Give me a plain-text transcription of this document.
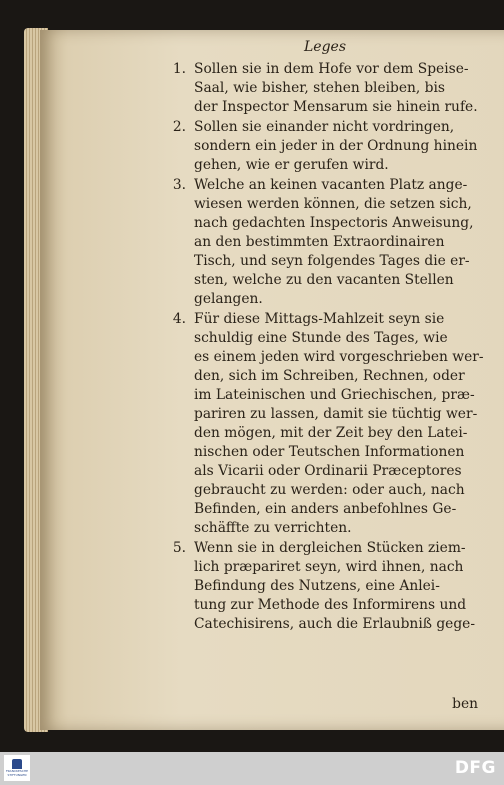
ben
Leges
1. Sollen sie in dem Hofe vor dem Speise-
Saal, wie bisher, stehen bleiben, bis
der Inspector Mensarum sie hinein rufe.
2. Sollen sie einander nicht vordringen,
sondern ein jeder in der Ordnung hinein
gehen, wie er gerufen wird.
3. Welche an keinen vacanten Platz ange-
wiesen werden können, die setzen sich,
nach gedachten Inspectoris Anweisung,
an den bestimmten Extraordinairen
Tisch, und seyn folgendes Tages die er-
sten, welche zu den vacanten Stellen
gelangen.
4. Für diese Mittags-Mahlzeit seyn sie
schuldig eine Stunde des Tages, wie
es einem jeden wird vorgeschrieben wer-
den, sich im Schreiben, Rechnen, oder
im Lateinischen und Griechischen, præ-
pariren zu lassen, damit sie tüchtig wer-
den mögen, mit der Zeit bey den Latei-
nischen oder Teutschen Informationen
als Vicarii oder Ordinarii Præceptores
gebraucht zu werden: oder auch, nach
Befinden, ein anders anbefohlnes Ge-
schäffte zu verrichten.
5. Wenn sie in dergleichen Stücken ziem-
lich præpariret seyn, wird ihnen, nach
Befindung des Nutzens, eine Anlei-
tung zur Methode des Informirens und
Catechisirens, auch die Erlaubniß gege-
FRANCKESCHE
STIFTUNGEN	DFG
